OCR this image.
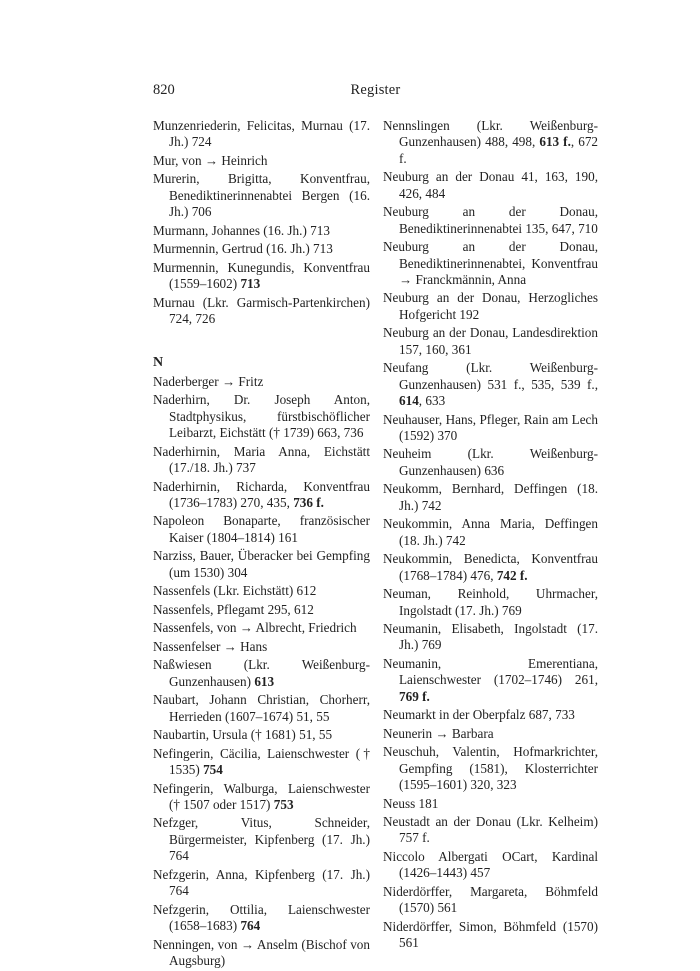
820	Register

Munzenriederin, Felicitas, Murnau (17. Jh.) 724

Mur, von → Heinrich

Murerin, Brigitta, Konventfrau, Benediktinerinnenabtei Bergen (16. Jh.) 706

Murmann, Johannes (16. Jh.) 713

Murmennin, Gertrud (16. Jh.) 713

Murmennin, Kunegundis, Konventfrau (1559–1602) 713

Murnau (Lkr. Garmisch-Partenkirchen) 724, 726

N

Naderberger → Fritz

Naderhirn, Dr. Joseph Anton, Stadtphysikus, fürstbischöflicher Leibarzt, Eichstätt († 1739) 663, 736

Naderhirnin, Maria Anna, Eichstätt (17./18. Jh.) 737

Naderhirnin, Richarda, Konventfrau (1736–1783) 270, 435, 736 f.

Napoleon Bonaparte, französischer Kaiser (1804–1814) 161

Narziss, Bauer, Überacker bei Gempfing (um 1530) 304

Nassenfels (Lkr. Eichstätt) 612

Nassenfels, Pflegamt 295, 612

Nassenfels, von → Albrecht, Friedrich

Nassenfelser → Hans

Naßwiesen (Lkr. Weißenburg-Gunzenhausen) 613

Naubart, Johann Christian, Chorherr, Herrieden (1607–1674) 51, 55

Naubartin, Ursula († 1681) 51, 55

Nefingerin, Cäcilia, Laienschwester († 1535) 754

Nefingerin, Walburga, Laienschwester († 1507 oder 1517) 753

Nefzger, Vitus, Schneider, Bürgermeister, Kipfenberg (17. Jh.) 764

Nefzgerin, Anna, Kipfenberg (17. Jh.) 764

Nefzgerin, Ottilia, Laienschwester (1658–1683) 764

Nenningen, von → Anselm (Bischof von Augsburg)

Nennslingen (Lkr. Weißenburg-Gunzenhausen) 488, 498, 613 f., 672 f.

Neuburg an der Donau 41, 163, 190, 426, 484

Neuburg an der Donau, Benediktinerinnenabtei 135, 647, 710

Neuburg an der Donau, Benediktinerinnenabtei, Konventfrau → Franckmännin, Anna

Neuburg an der Donau, Herzogliches Hofgericht 192

Neuburg an der Donau, Landesdirektion 157, 160, 361

Neufang (Lkr. Weißenburg-Gunzenhausen) 531 f., 535, 539 f., 614, 633

Neuhauser, Hans, Pfleger, Rain am Lech (1592) 370

Neuheim (Lkr. Weißenburg-Gunzenhausen) 636

Neukomm, Bernhard, Deffingen (18. Jh.) 742

Neukommin, Anna Maria, Deffingen (18. Jh.) 742

Neukommin, Benedicta, Konventfrau (1768–1784) 476, 742 f.

Neuman, Reinhold, Uhrmacher, Ingolstadt (17. Jh.) 769

Neumanin, Elisabeth, Ingolstadt (17. Jh.) 769

Neumanin, Emerentiana, Laienschwester (1702–1746) 261, 769 f.

Neumarkt in der Oberpfalz 687, 733

Neunerin → Barbara

Neuschuh, Valentin, Hofmarkrichter, Gempfing (1581), Klosterrichter (1595–1601) 320, 323

Neuss 181

Neustadt an der Donau (Lkr. Kelheim) 757 f.

Niccolo Albergati OCart, Kardinal (1426–1443) 457

Niderdörffer, Margareta, Böhmfeld (1570) 561

Niderdörffer, Simon, Böhmfeld (1570) 561
